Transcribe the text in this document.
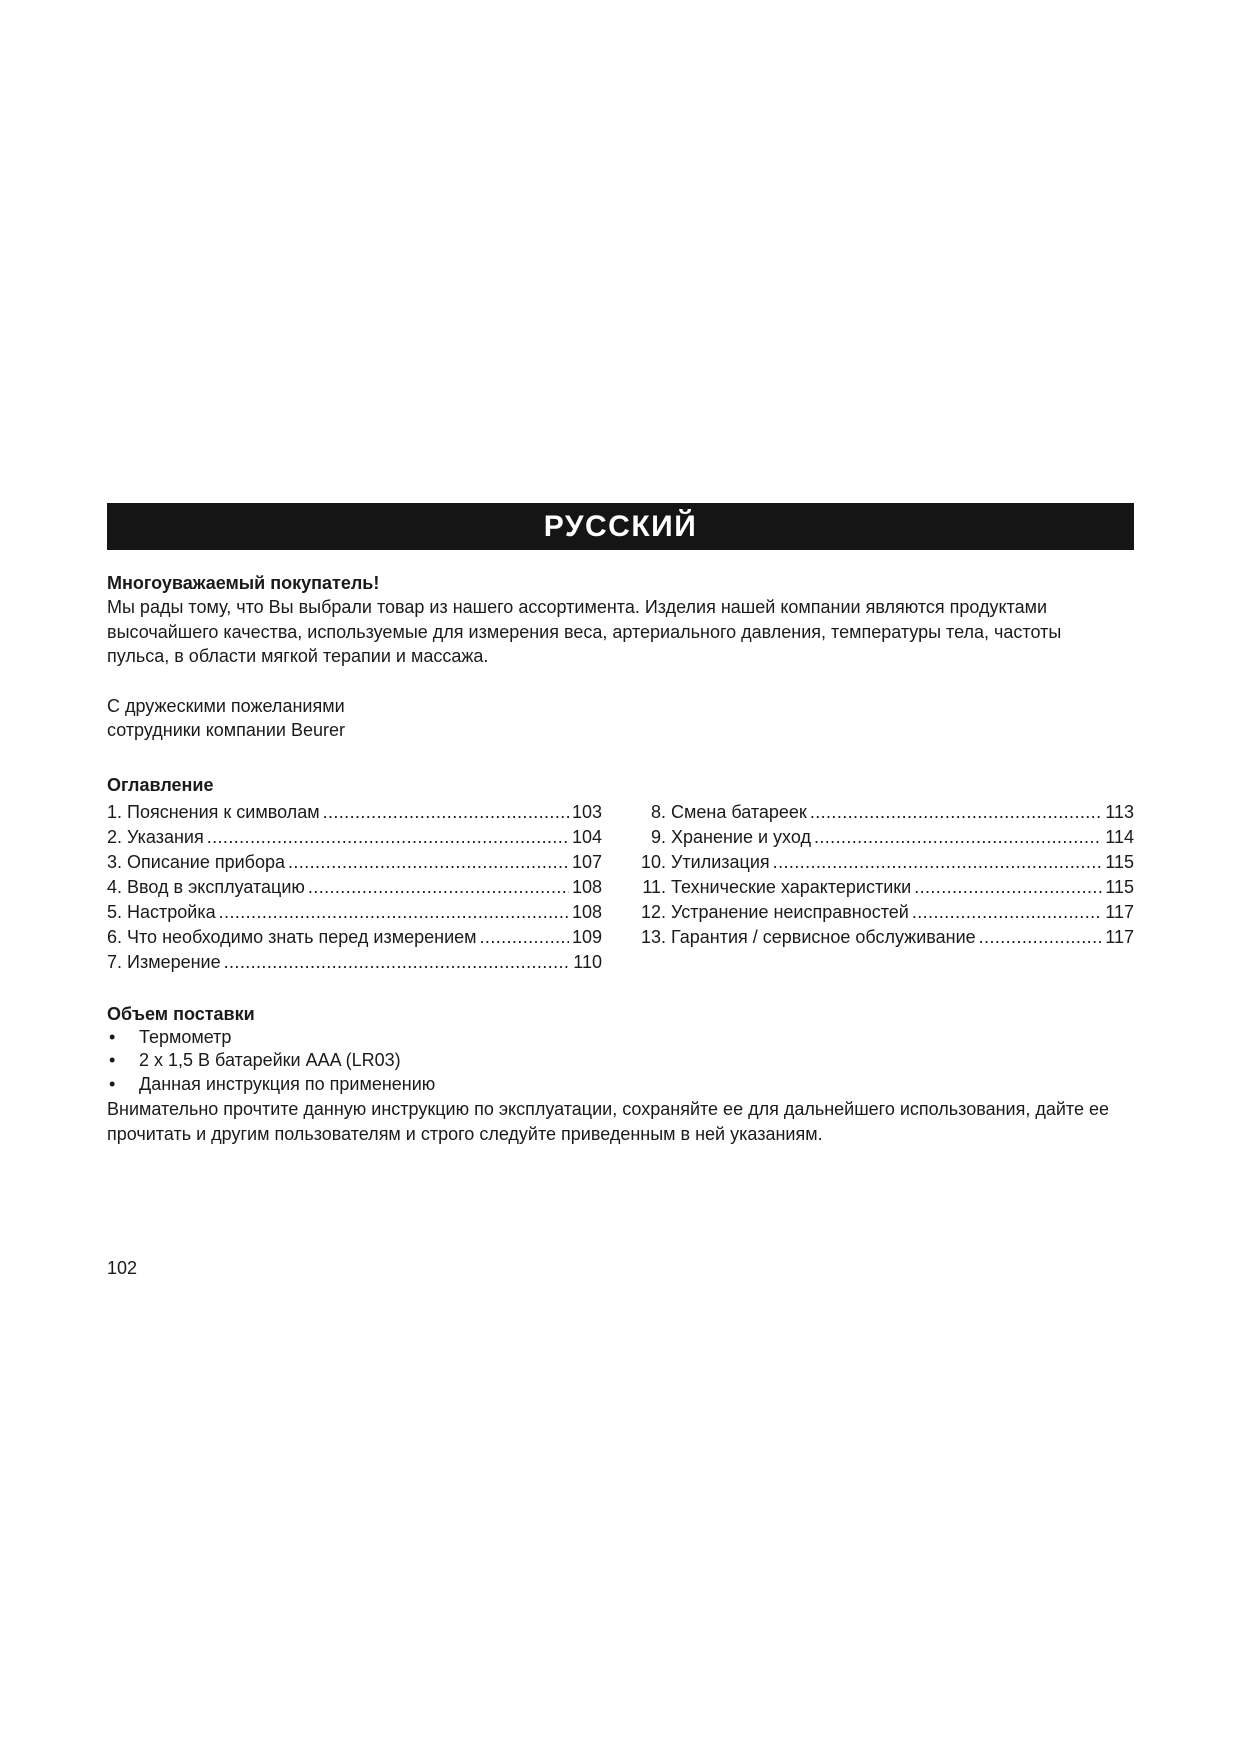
РУССКИЙ
Многоуважаемый покупатель!

Мы рады тому, что Вы выбрали товар из нашего ассортимента. Изделия нашей компании являются продуктами высочайшего качества, используемые для измерения веса, артериального давления, температуры тела, частоты пульса, в области мягкой терапии и массажа.

С дружескими пожеланиями

сотрудники компании Beurer

Оглавление
1. Пояснения к символам .....	103
2. Указания .....	104
3. Описание прибора .....	107
4. Ввод в эксплуатацию .....	108
5. Настройка .....	108
6. Что необходимо знать перед измерением .....	109
7. Измерение .....	110
8. Смена батареек .....	113
9. Хранение и уход .....	114
10. Утилизация .....	115
11. Технические характеристики .....	115
12. Устранение неисправностей .....	117
13. Гарантия / сервисное обслуживание .....	117
Объем поставки
•	Термометр
•	2 х 1,5 В батарейки AAA (LR03)
•	Данная инструкция по применению

Внимательно прочтите данную инструкцию по эксплуатации, сохраняйте ее для дальнейшего использования, дайте ее прочитать и другим пользователям и строго следуйте приведенным в ней указаниям.

102
